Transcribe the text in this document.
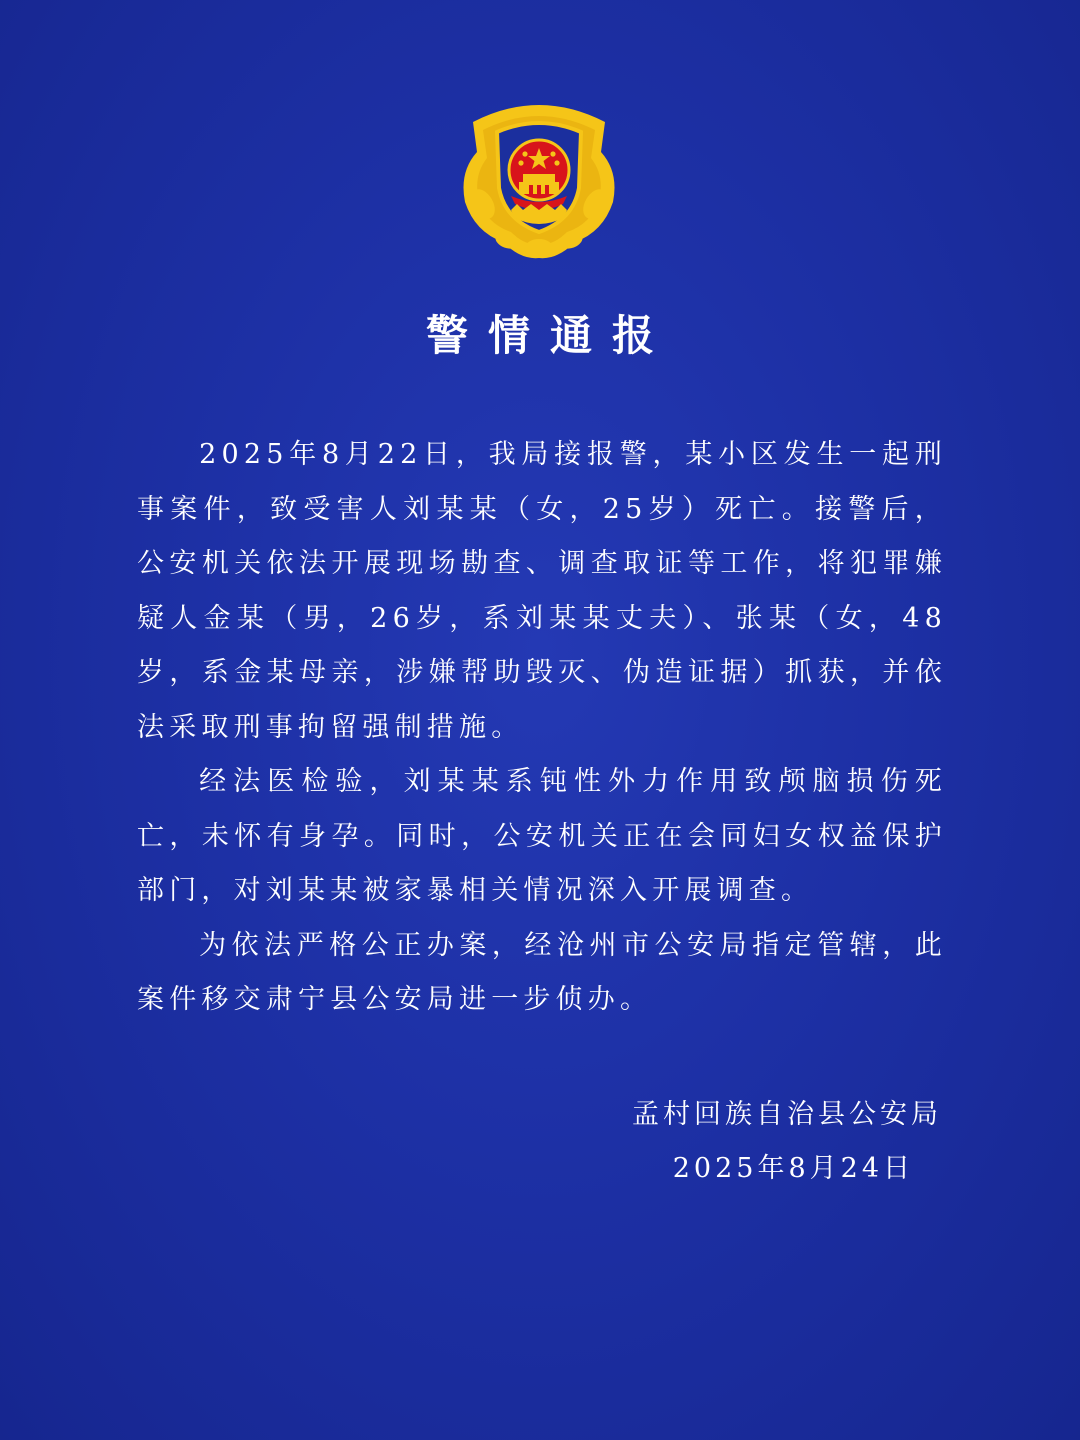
警情通报

2025年8月22日，我局接报警，某小区发生一起刑事案件，致受害人刘某某（女，25岁）死亡。接警后，公安机关依法开展现场勘查、调查取证等工作，将犯罪嫌疑人金某（男，26岁，系刘某某丈夫）、张某（女，48岁，系金某母亲，涉嫌帮助毁灭、伪造证据）抓获，并依法采取刑事拘留强制措施。

经法医检验，刘某某系钝性外力作用致颅脑损伤死亡，未怀有身孕。同时，公安机关正在会同妇女权益保护部门，对刘某某被家暴相关情况深入开展调查。

为依法严格公正办案，经沧州市公安局指定管辖，此案件移交肃宁县公安局进一步侦办。

孟村回族自治县公安局
2025年8月24日
